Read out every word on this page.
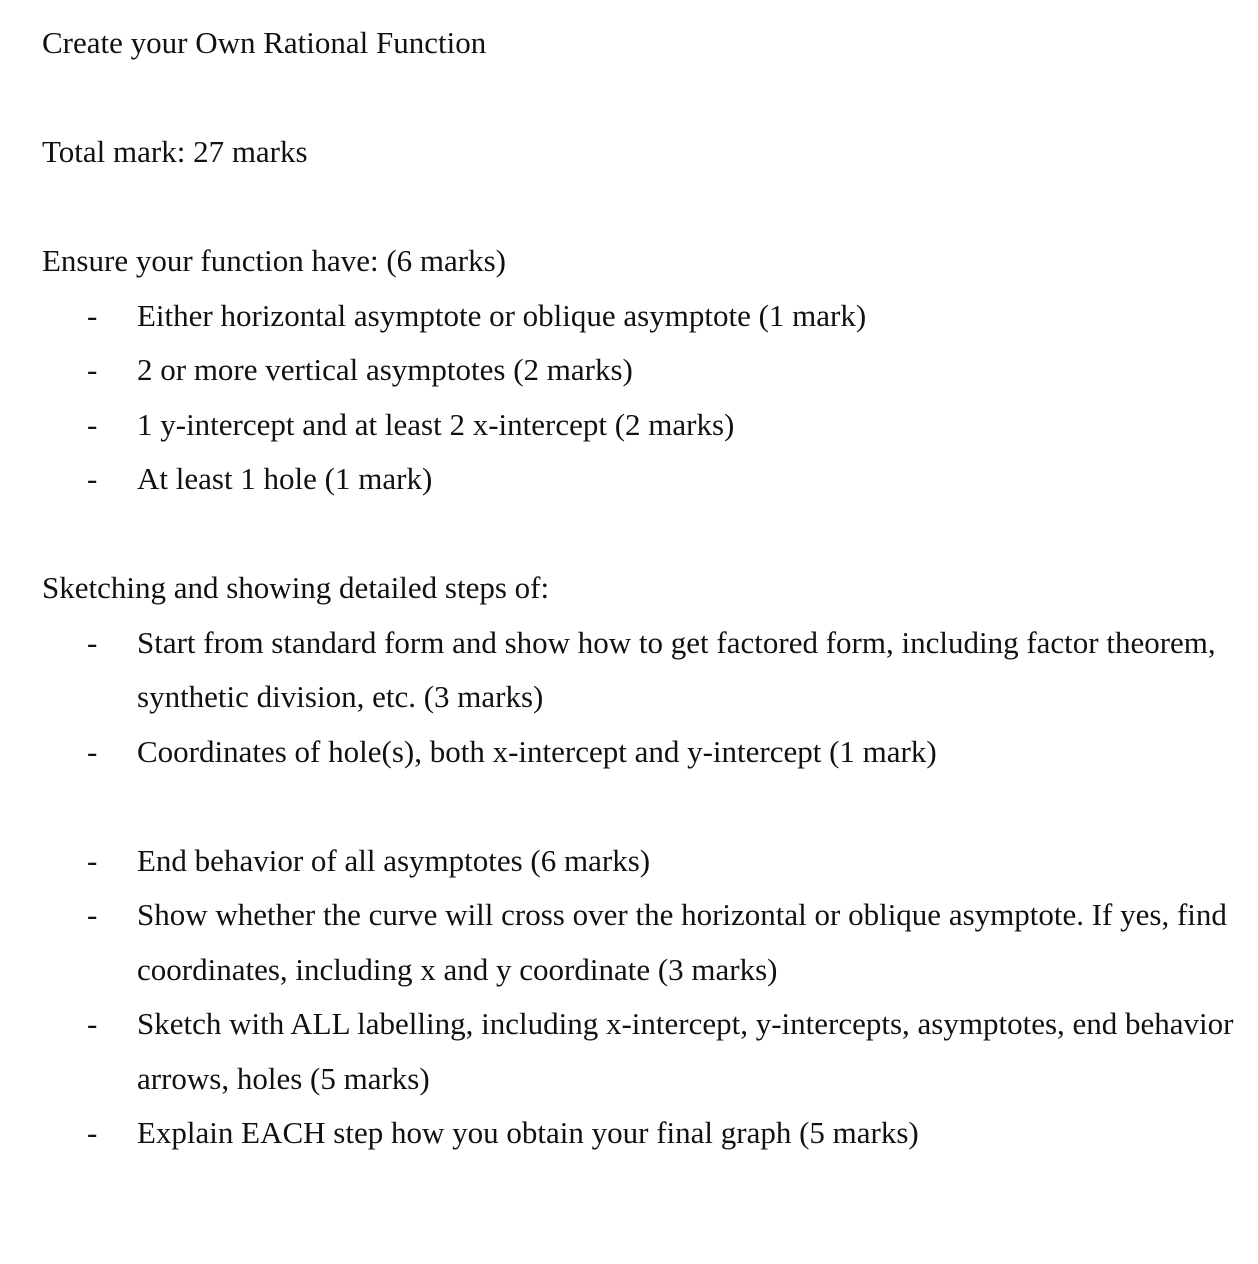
Create your Own Rational Function
Total mark: 27 marks
Ensure your function have: (6 marks)
- Either horizontal asymptote or oblique asymptote (1 mark)
- 2 or more vertical asymptotes (2 marks)
- 1 y-intercept and at least 2 x-intercept (2 marks)
- At least 1 hole (1 mark)
Sketching and showing detailed steps of:
- Start from standard form and show how to get factored form, including factor theorem,
synthetic division, etc. (3 marks)
- Coordinates of hole(s), both x-intercept and y-intercept (1 mark)
- End behavior of all asymptotes (6 marks)
- Show whether the curve will cross over the horizontal or oblique asymptote. If yes, find
coordinates, including x and y coordinate (3 marks)
- Sketch with ALL labelling, including x-intercept, y-intercepts, asymptotes, end behavior
arrows, holes (5 marks)
- Explain EACH step how you obtain your final graph (5 marks)
